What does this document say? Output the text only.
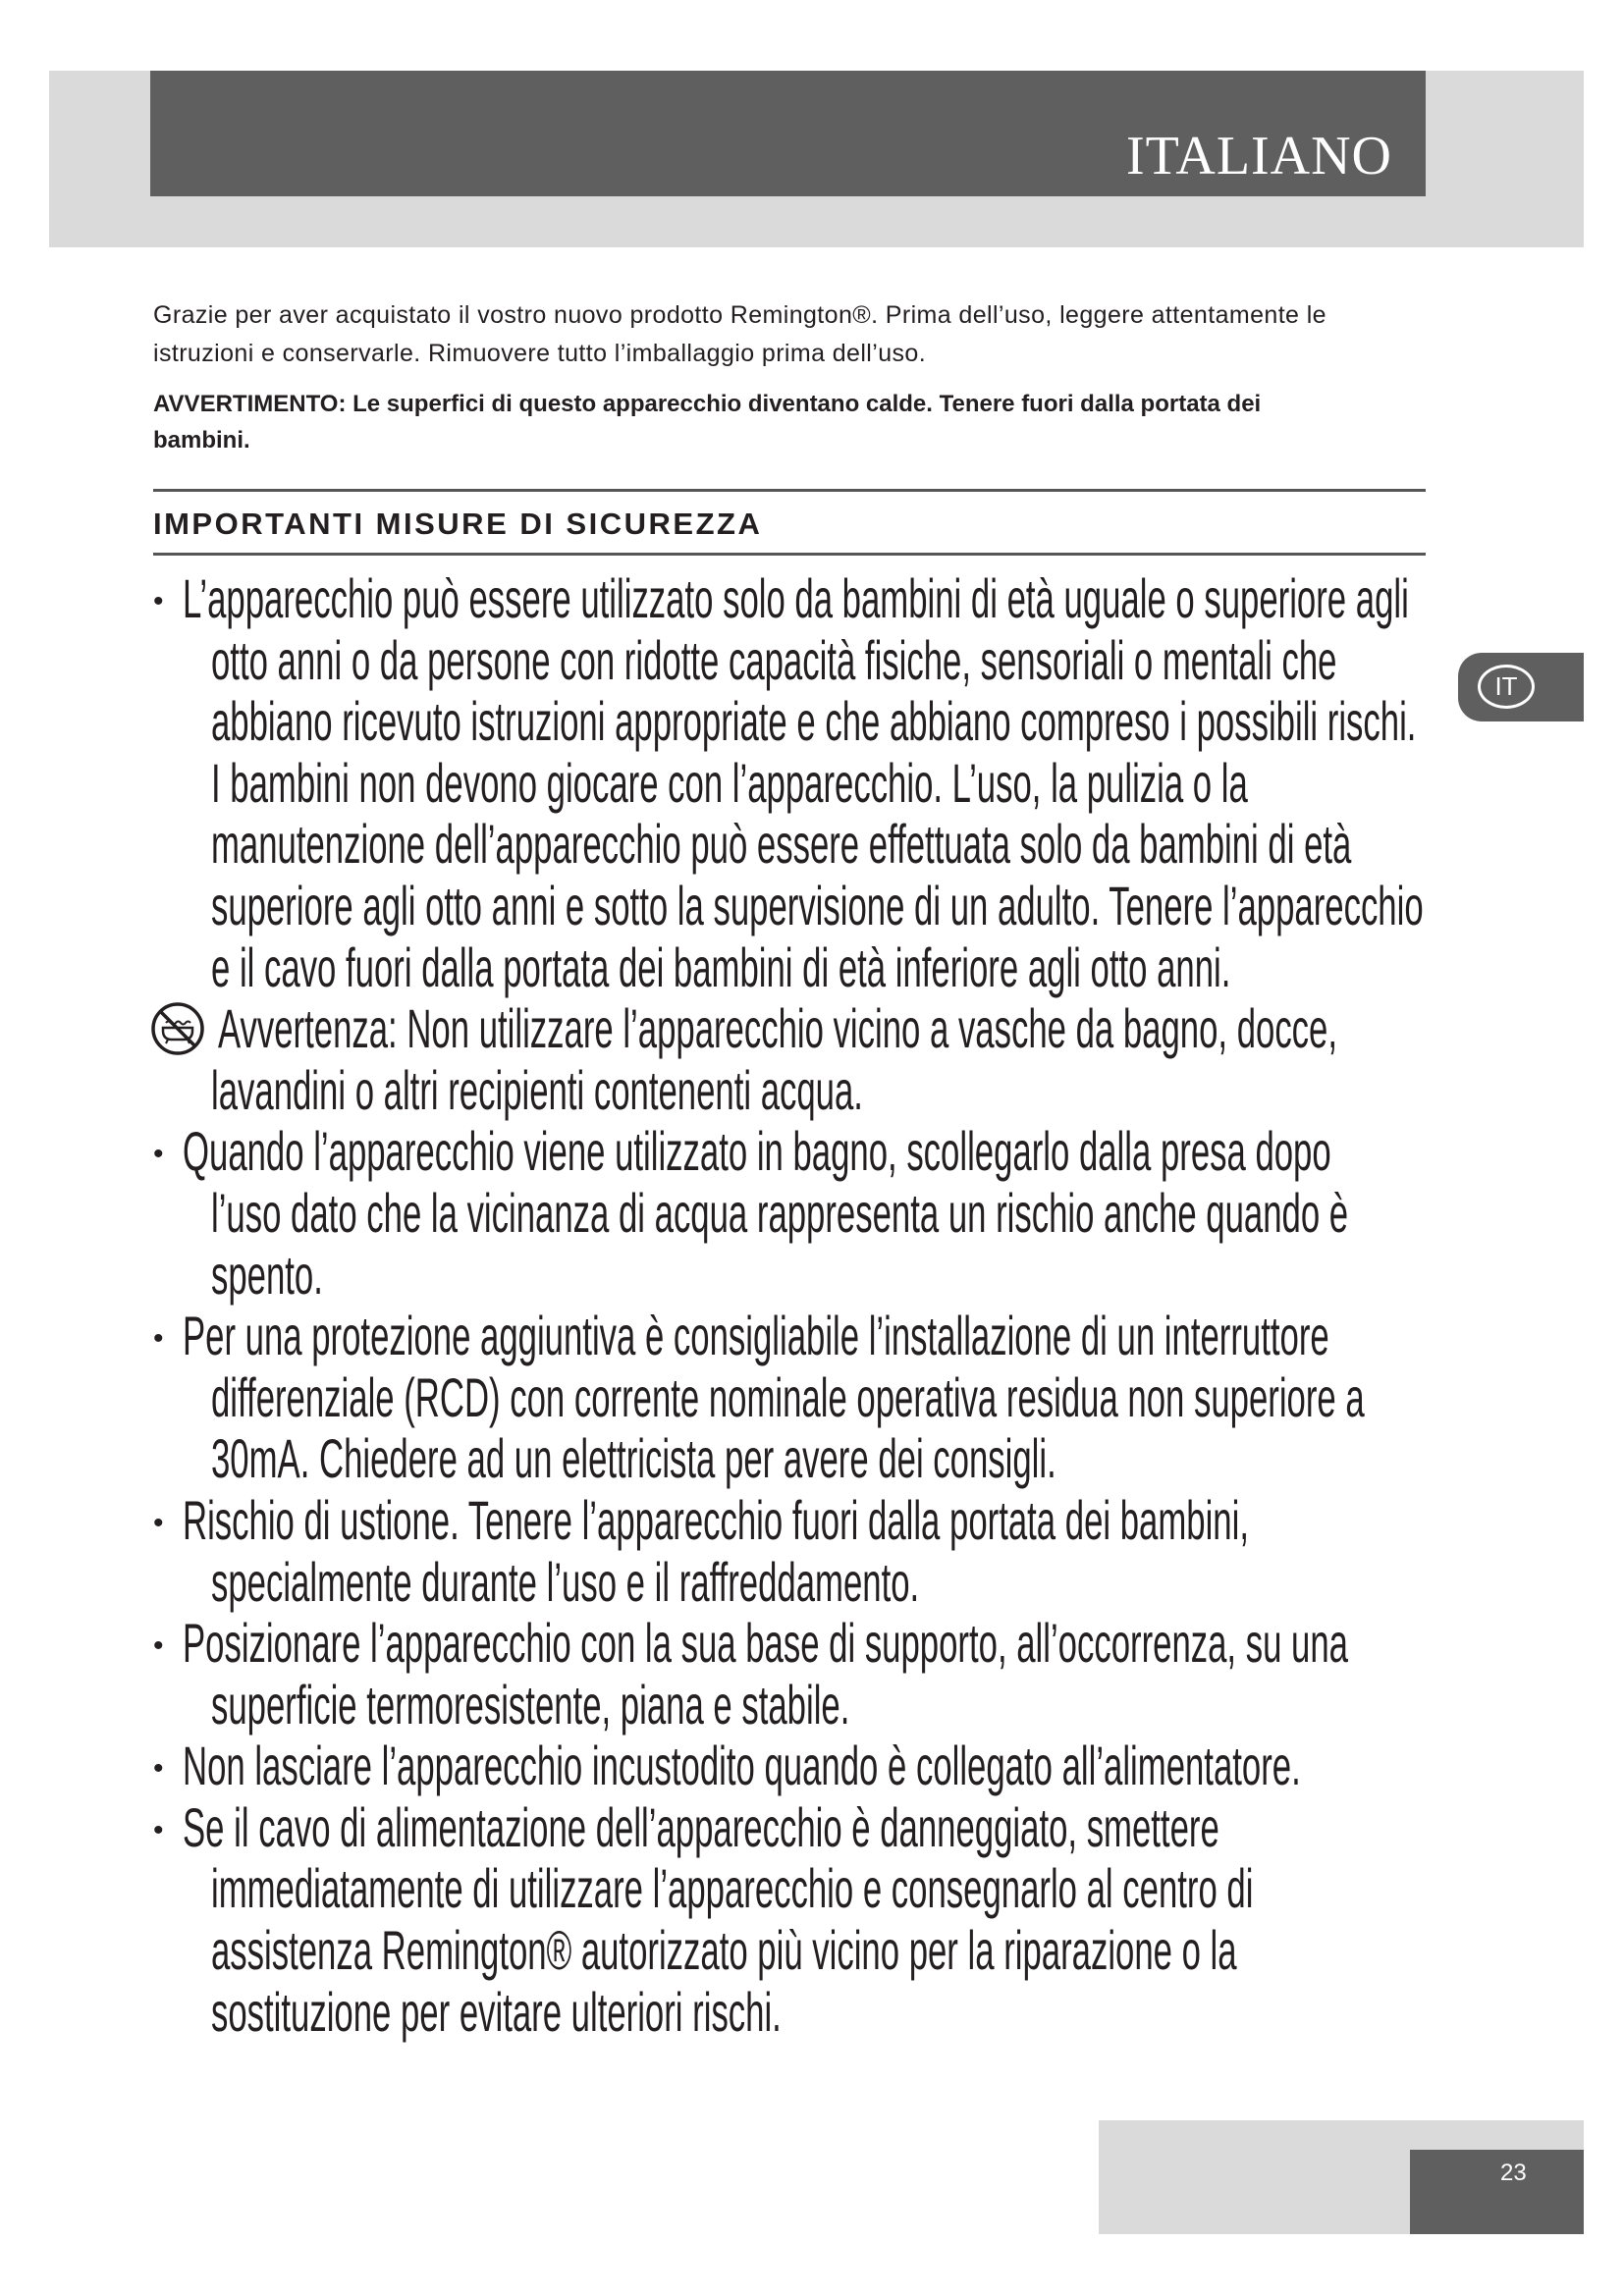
ITALIANO
Grazie per aver acquistato il vostro nuovo prodotto Remington®. Prima dell’uso, leggere attentamente le
istruzioni e conservarle. Rimuovere tutto l’imballaggio prima dell’uso.
AVVERTIMENTO: Le superfici di questo apparecchio diventano calde. Tenere fuori dalla portata dei
bambini.
IMPORTANTI MISURE DI SICUREZZA
• L’apparecchio può essere utilizzato solo da bambini di età uguale o superiore agli
otto anni o da persone con ridotte capacità fisiche, sensoriali o mentali che
abbiano ricevuto istruzioni appropriate e che abbiano compreso i possibili rischi.
I bambini non devono giocare con l’apparecchio. L’uso, la pulizia o la
manutenzione dell’apparecchio può essere effettuata solo da bambini di età
superiore agli otto anni e sotto la supervisione di un adulto. Tenere l’apparecchio
e il cavo fuori dalla portata dei bambini di età inferiore agli otto anni.
Avvertenza: Non utilizzare l’apparecchio vicino a vasche da bagno, docce,
lavandini o altri recipienti contenenti acqua.
• Quando l’apparecchio viene utilizzato in bagno, scollegarlo dalla presa dopo
l’uso dato che la vicinanza di acqua rappresenta un rischio anche quando è
spento.
• Per una protezione aggiuntiva è consigliabile l’installazione di un interruttore
differenziale (RCD) con corrente nominale operativa residua non superiore a
30mA. Chiedere ad un elettricista per avere dei consigli.
• Rischio di ustione. Tenere l’apparecchio fuori dalla portata dei bambini,
specialmente durante l’uso e il raffreddamento.
• Posizionare l’apparecchio con la sua base di supporto, all’occorrenza, su una
superficie termoresistente, piana e stabile.
• Non lasciare l’apparecchio incustodito quando è collegato all’alimentatore.
• Se il cavo di alimentazione dell’apparecchio è danneggiato, smettere
immediatamente di utilizzare l’apparecchio e consegnarlo al centro di
assistenza Remington® autorizzato più vicino per la riparazione o la
sostituzione per evitare ulteriori rischi.
IT
23
